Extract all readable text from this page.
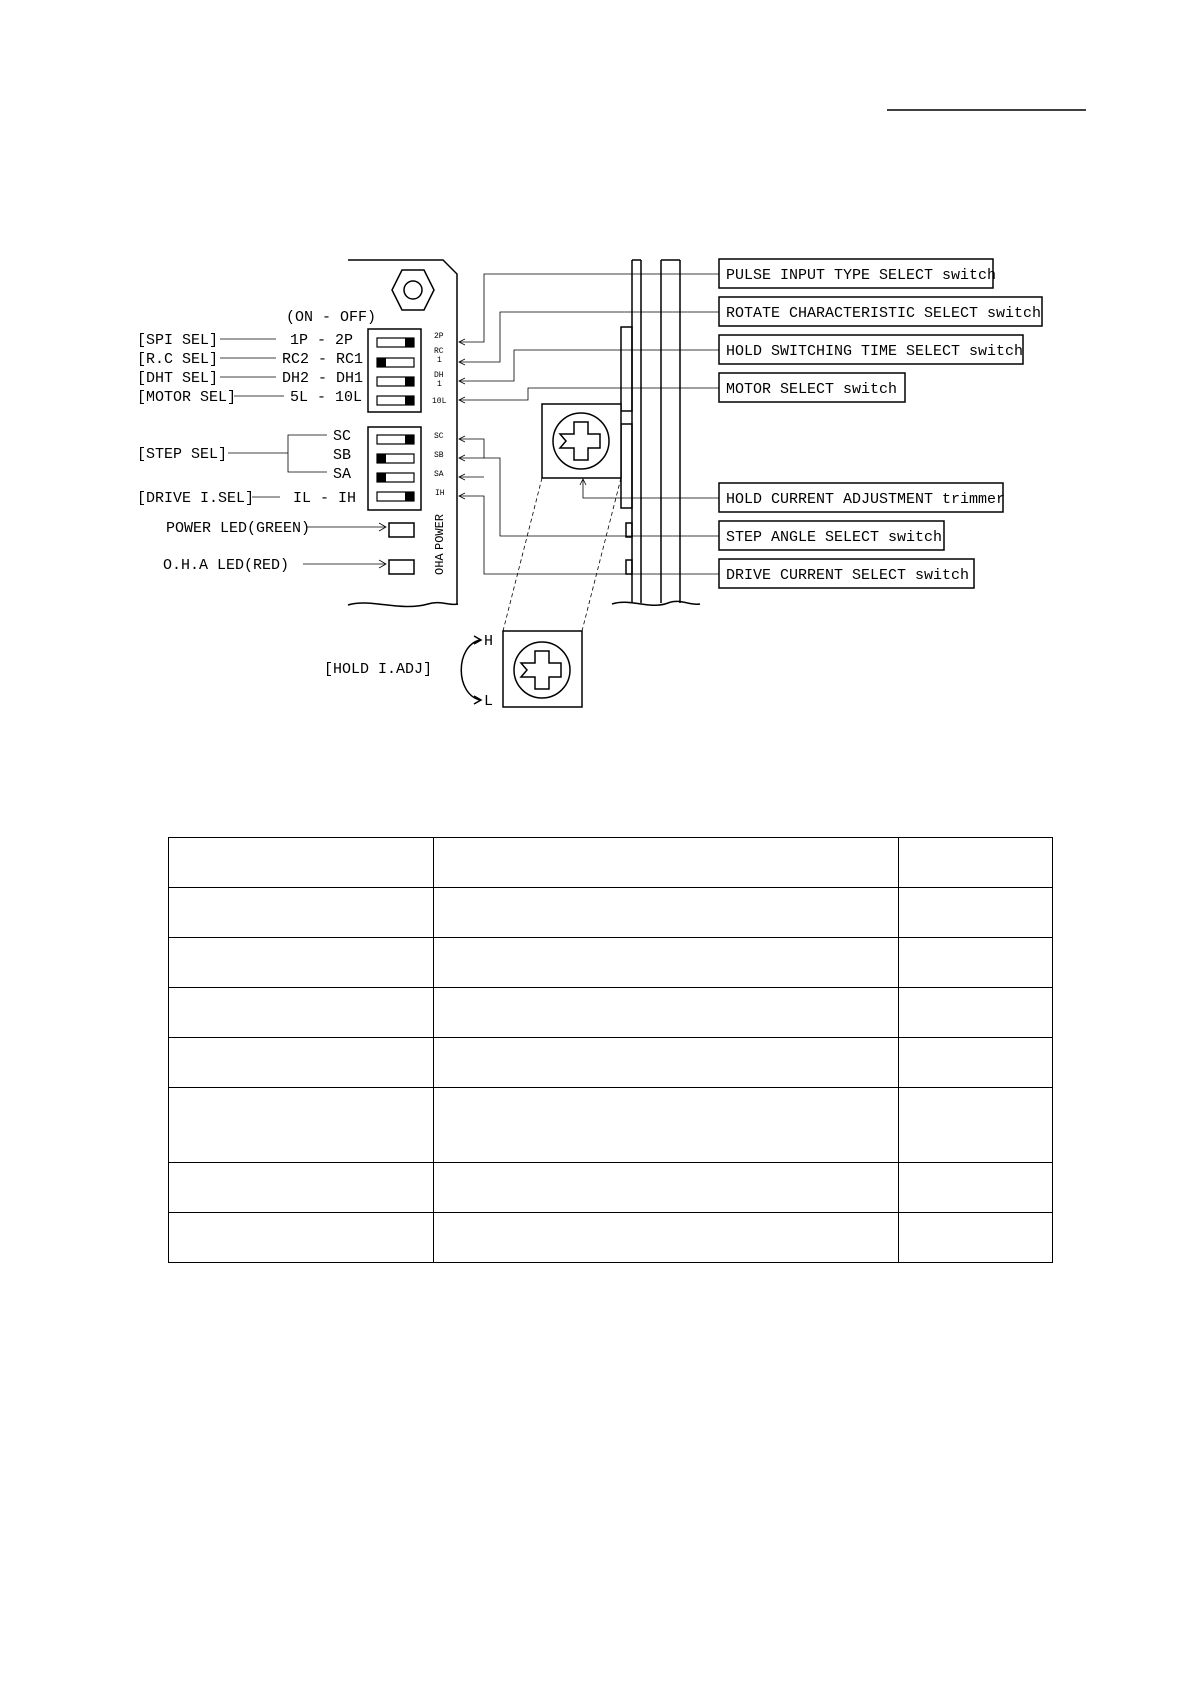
(ON - OFF)
[SPI SEL]
[R.C SEL]
[DHT SEL]
[MOTOR SEL]
[STEP SEL]
[DRIVE I.SEL]
POWER LED(GREEN)
O.H.A LED(RED)
[HOLD I.ADJ]
1P - 2P
RC2 - RC1
DH2 - DH1
5L - 10L
SC
SB
SA
IL - IH
2P
RC
1
DH
1
10L
SC
SB
SA
IH
POWER
OHA
H
L
PULSE INPUT TYPE SELECT switch
ROTATE CHARACTERISTIC SELECT switch
HOLD SWITCHING TIME SELECT switch
MOTOR SELECT switch
HOLD CURRENT ADJUSTMENT trimmer
STEP ANGLE SELECT switch
DRIVE CURRENT SELECT switch
